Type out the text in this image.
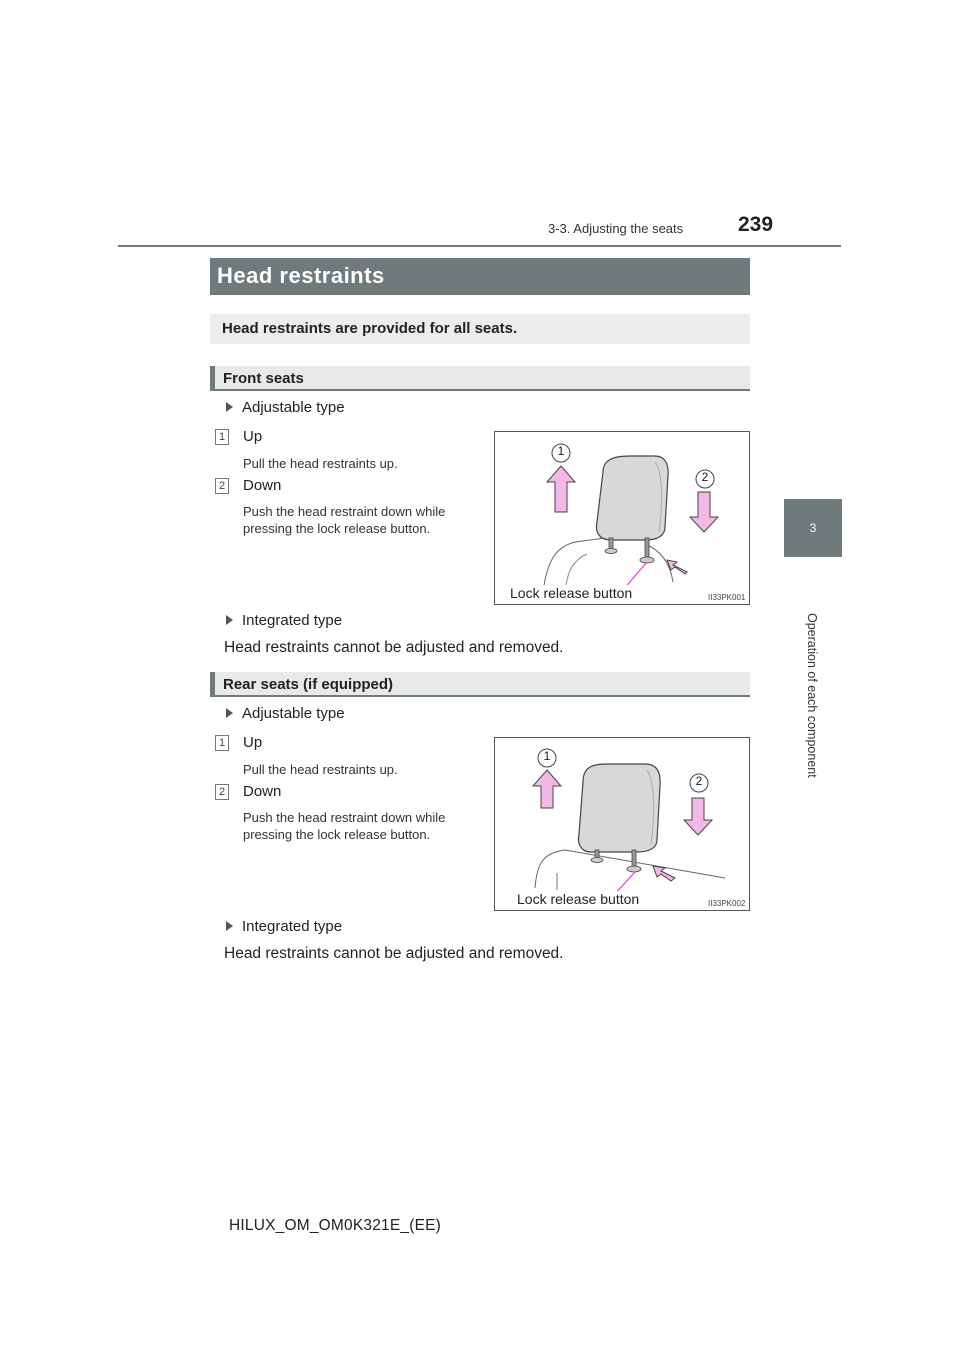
3-3. Adjusting the seats	239
3
Operation of each component
Head restraints
Head restraints are provided for all seats.
Front seats
Adjustable type
1 Up
Pull the head restraints up.
2 Down
Push the head restraint down while pressing the lock release button.
1
2
Lock release button	II33PK001
Integrated type
Head restraints cannot be adjusted and removed.
Rear seats (if equipped)
Adjustable type
1 Up
Pull the head restraints up.
2 Down
Push the head restraint down while pressing the lock release button.
1
2
Lock release button	II33PK002
Integrated type
Head restraints cannot be adjusted and removed.
HILUX_OM_OM0K321E_(EE)
